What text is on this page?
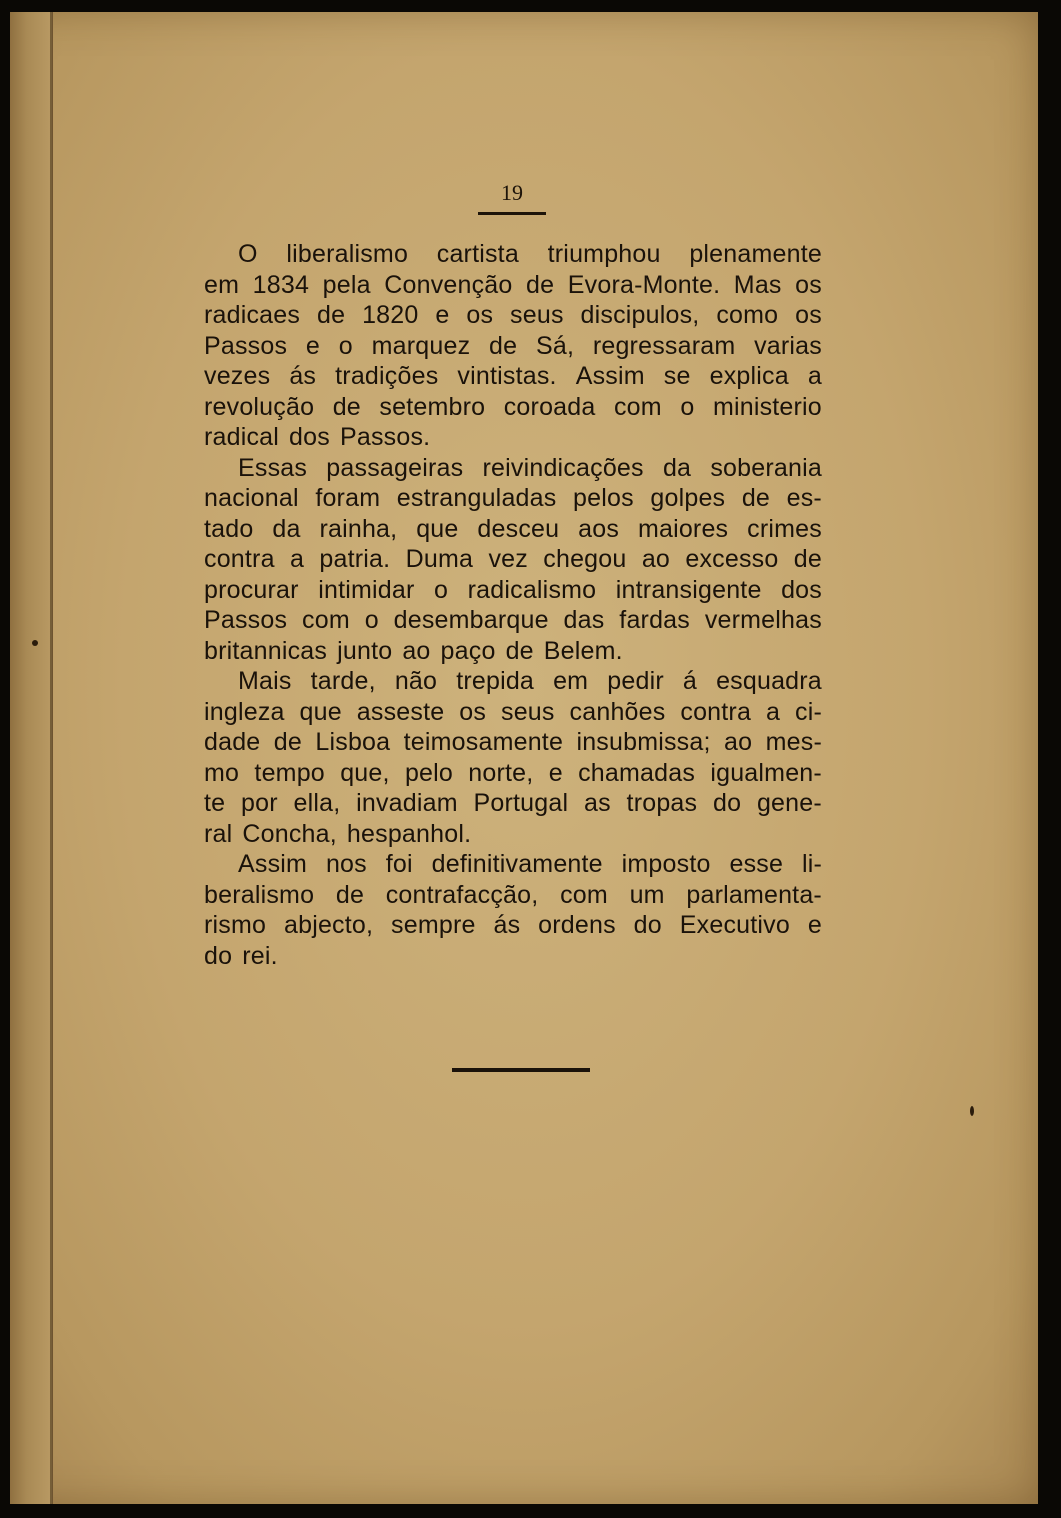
19
O liberalismo cartista triumphou plenamente
em 1834 pela Convenção de Evora-Monte. Mas os
radicaes de 1820 e os seus discipulos, como os
Passos e o marquez de Sá, regressaram varias
vezes ás tradições vintistas. Assim se explica a
revolução de setembro coroada com o ministerio
radical dos Passos.
Essas passageiras reivindicações da soberania
nacional foram estranguladas pelos golpes de es-
tado da rainha, que desceu aos maiores crimes
contra a patria. Duma vez chegou ao excesso de
procurar intimidar o radicalismo intransigente dos
Passos com o desembarque das fardas vermelhas
britannicas junto ao paço de Belem.
Mais tarde, não trepida em pedir á esquadra
ingleza que asseste os seus canhões contra a ci-
dade de Lisboa teimosamente insubmissa; ao mes-
mo tempo que, pelo norte, e chamadas igualmen-
te por ella, invadiam Portugal as tropas do gene-
ral Concha, hespanhol.
Assim nos foi definitivamente imposto esse li-
beralismo de contrafacção, com um parlamenta-
rismo abjecto, sempre ás ordens do Executivo e
do rei.
